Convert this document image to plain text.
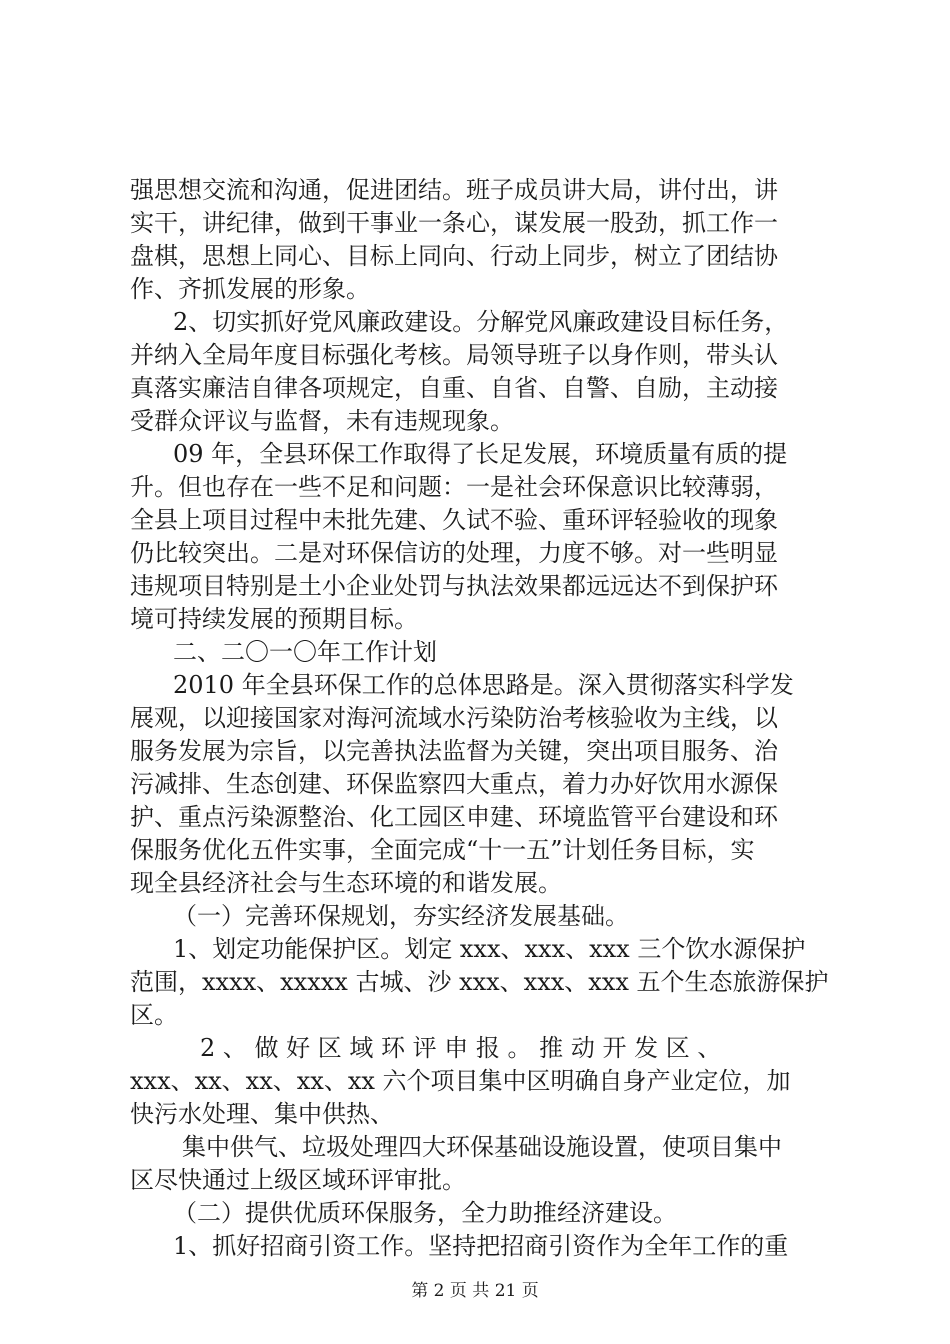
强思想交流和沟通，促进团结。班子成员讲大局，讲付出，讲
实干，讲纪律，做到干事业一条心，谋发展一股劲，抓工作一
盘棋，思想上同心、目标上同向、行动上同步，树立了团结协
作、齐抓发展的形象。
2、切实抓好党风廉政建设。分解党风廉政建设目标任务，
并纳入全局年度目标强化考核。局领导班子以身作则，带头认
真落实廉洁自律各项规定，自重、自省、自警、自励，主动接
受群众评议与监督，未有违规现象。
09 年，全县环保工作取得了长足发展，环境质量有质的提
升。但也存在一些不足和问题：一是社会环保意识比较薄弱，
全县上项目过程中未批先建、久试不验、重环评轻验收的现象
仍比较突出。二是对环保信访的处理，力度不够。对一些明显
违规项目特别是土小企业处罚与执法效果都远远达不到保护环
境可持续发展的预期目标。
二、二〇一〇年工作计划
2010 年全县环保工作的总体思路是。深入贯彻落实科学发
展观，以迎接国家对海河流域水污染防治考核验收为主线，以
服务发展为宗旨，以完善执法监督为关键，突出项目服务、治
污减排、生态创建、环保监察四大重点，着力办好饮用水源保
护、重点污染源整治、化工园区申建、环境监管平台建设和环
保服务优化五件实事，全面完成“十一五”计划任务目标，实
现全县经济社会与生态环境的和谐发展。
（一）完善环保规划，夯实经济发展基础。
1、划定功能保护区。划定 xxx、xxx、xxx 三个饮水源保护
范围，xxxx、xxxxx 古城、沙 xxx、xxx、xxx 五个生态旅游保护
区。
2 、 做 好 区 域 环 评 申 报 。 推 动 开 发 区 、
xxx、xx、xx、xx、xx 六个项目集中区明确自身产业定位，加
快污水处理、集中供热、
集中供气、垃圾处理四大环保基础设施设置，使项目集中
区尽快通过上级区域环评审批。
（二）提供优质环保服务，全力助推经济建设。
1、抓好招商引资工作。坚持把招商引资作为全年工作的重
第 2 页 共 21 页
